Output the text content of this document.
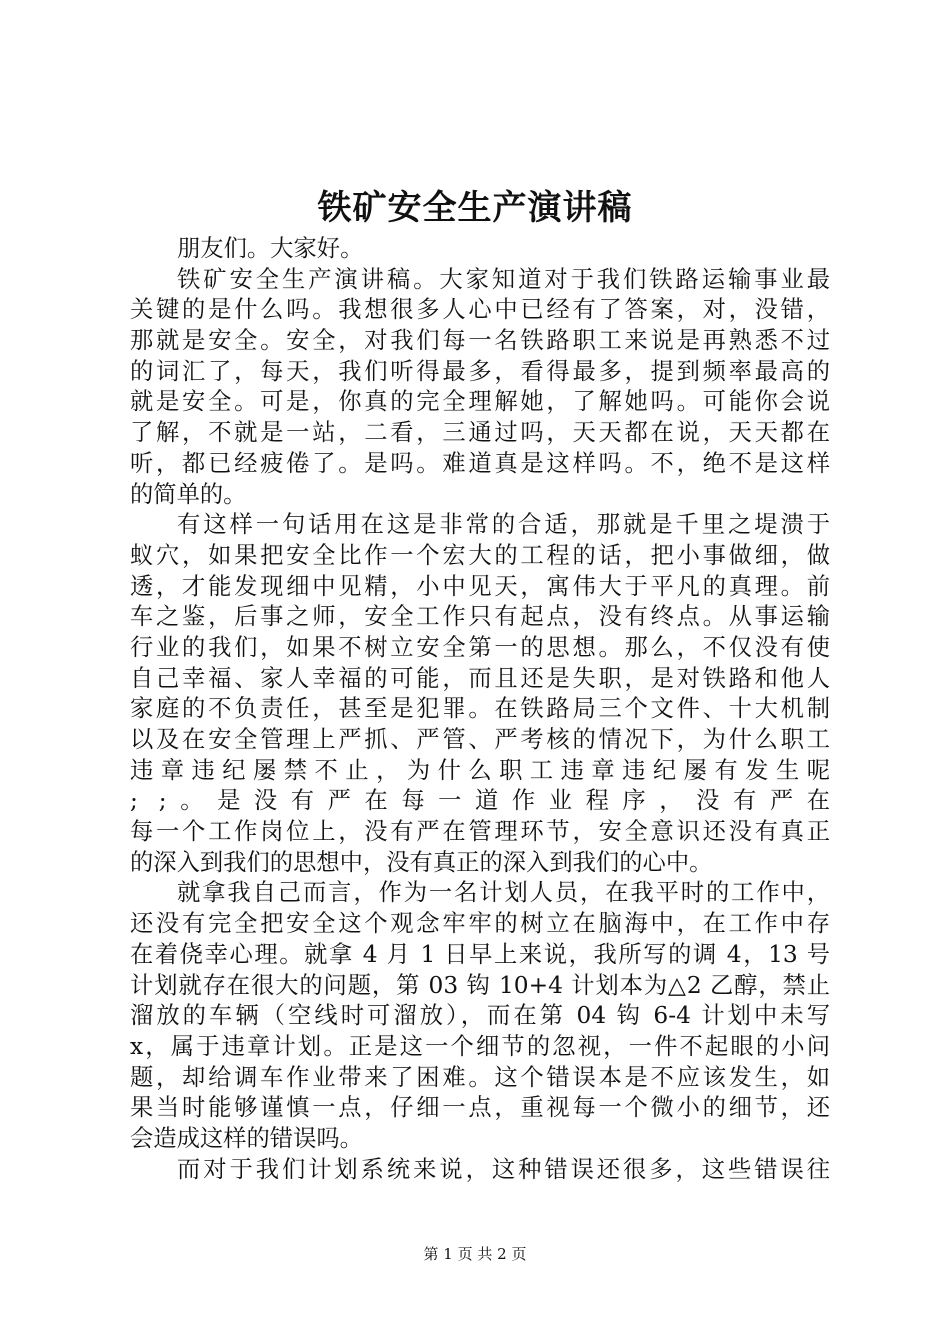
铁矿安全生产演讲稿
朋友们。大家好。
铁矿安全生产演讲稿。大家知道对于我们铁路运输事业最
关键的是什么吗。我想很多人心中已经有了答案，对，没错，
那就是安全。安全，对我们每一名铁路职工来说是再熟悉不过
的词汇了，每天，我们听得最多，看得最多，提到频率最高的
就是安全。可是，你真的完全理解她，了解她吗。可能你会说
了解，不就是一站，二看，三通过吗，天天都在说，天天都在
听，都已经疲倦了。是吗。难道真是这样吗。不，绝不是这样
的简单的。
有这样一句话用在这是非常的合适，那就是千里之堤溃于
蚁穴，如果把安全比作一个宏大的工程的话，把小事做细，做
透，才能发现细中见精，小中见天，寓伟大于平凡的真理。前
车之鉴，后事之师，安全工作只有起点，没有终点。从事运输
行业的我们，如果不树立安全第一的思想。那么，不仅没有使
自己幸福、家人幸福的可能，而且还是失职，是对铁路和他人
家庭的不负责任，甚至是犯罪。在铁路局三个文件、十大机制
以及在安全管理上严抓、严管、严考核的情况下，为什么职工
违章违纪屡禁不止，为什么职工违章违纪屡有发生呢
; ;。是没有严在每一道作业程序，没有严在
每一个工作岗位上，没有严在管理环节，安全意识还没有真正
的深入到我们的思想中，没有真正的深入到我们的心中。
就拿我自己而言，作为一名计划人员，在我平时的工作中，
还没有完全把安全这个观念牢牢的树立在脑海中，在工作中存
在着侥幸心理。就拿 4 月 1 日早上来说，我所写的调 4，13 号
计划就存在很大的问题，第 03 钩 10+4 计划本为△2 乙醇，禁止
溜放的车辆（空线时可溜放），而在第 04 钩 6-4 计划中未写
x，属于违章计划。正是这一个细节的忽视，一件不起眼的小问
题，却给调车作业带来了困难。这个错误本是不应该发生，如
果当时能够谨慎一点，仔细一点，重视每一个微小的细节，还
会造成这样的错误吗。
而对于我们计划系统来说，这种错误还很多，这些错误往
第 1 页 共 2 页
